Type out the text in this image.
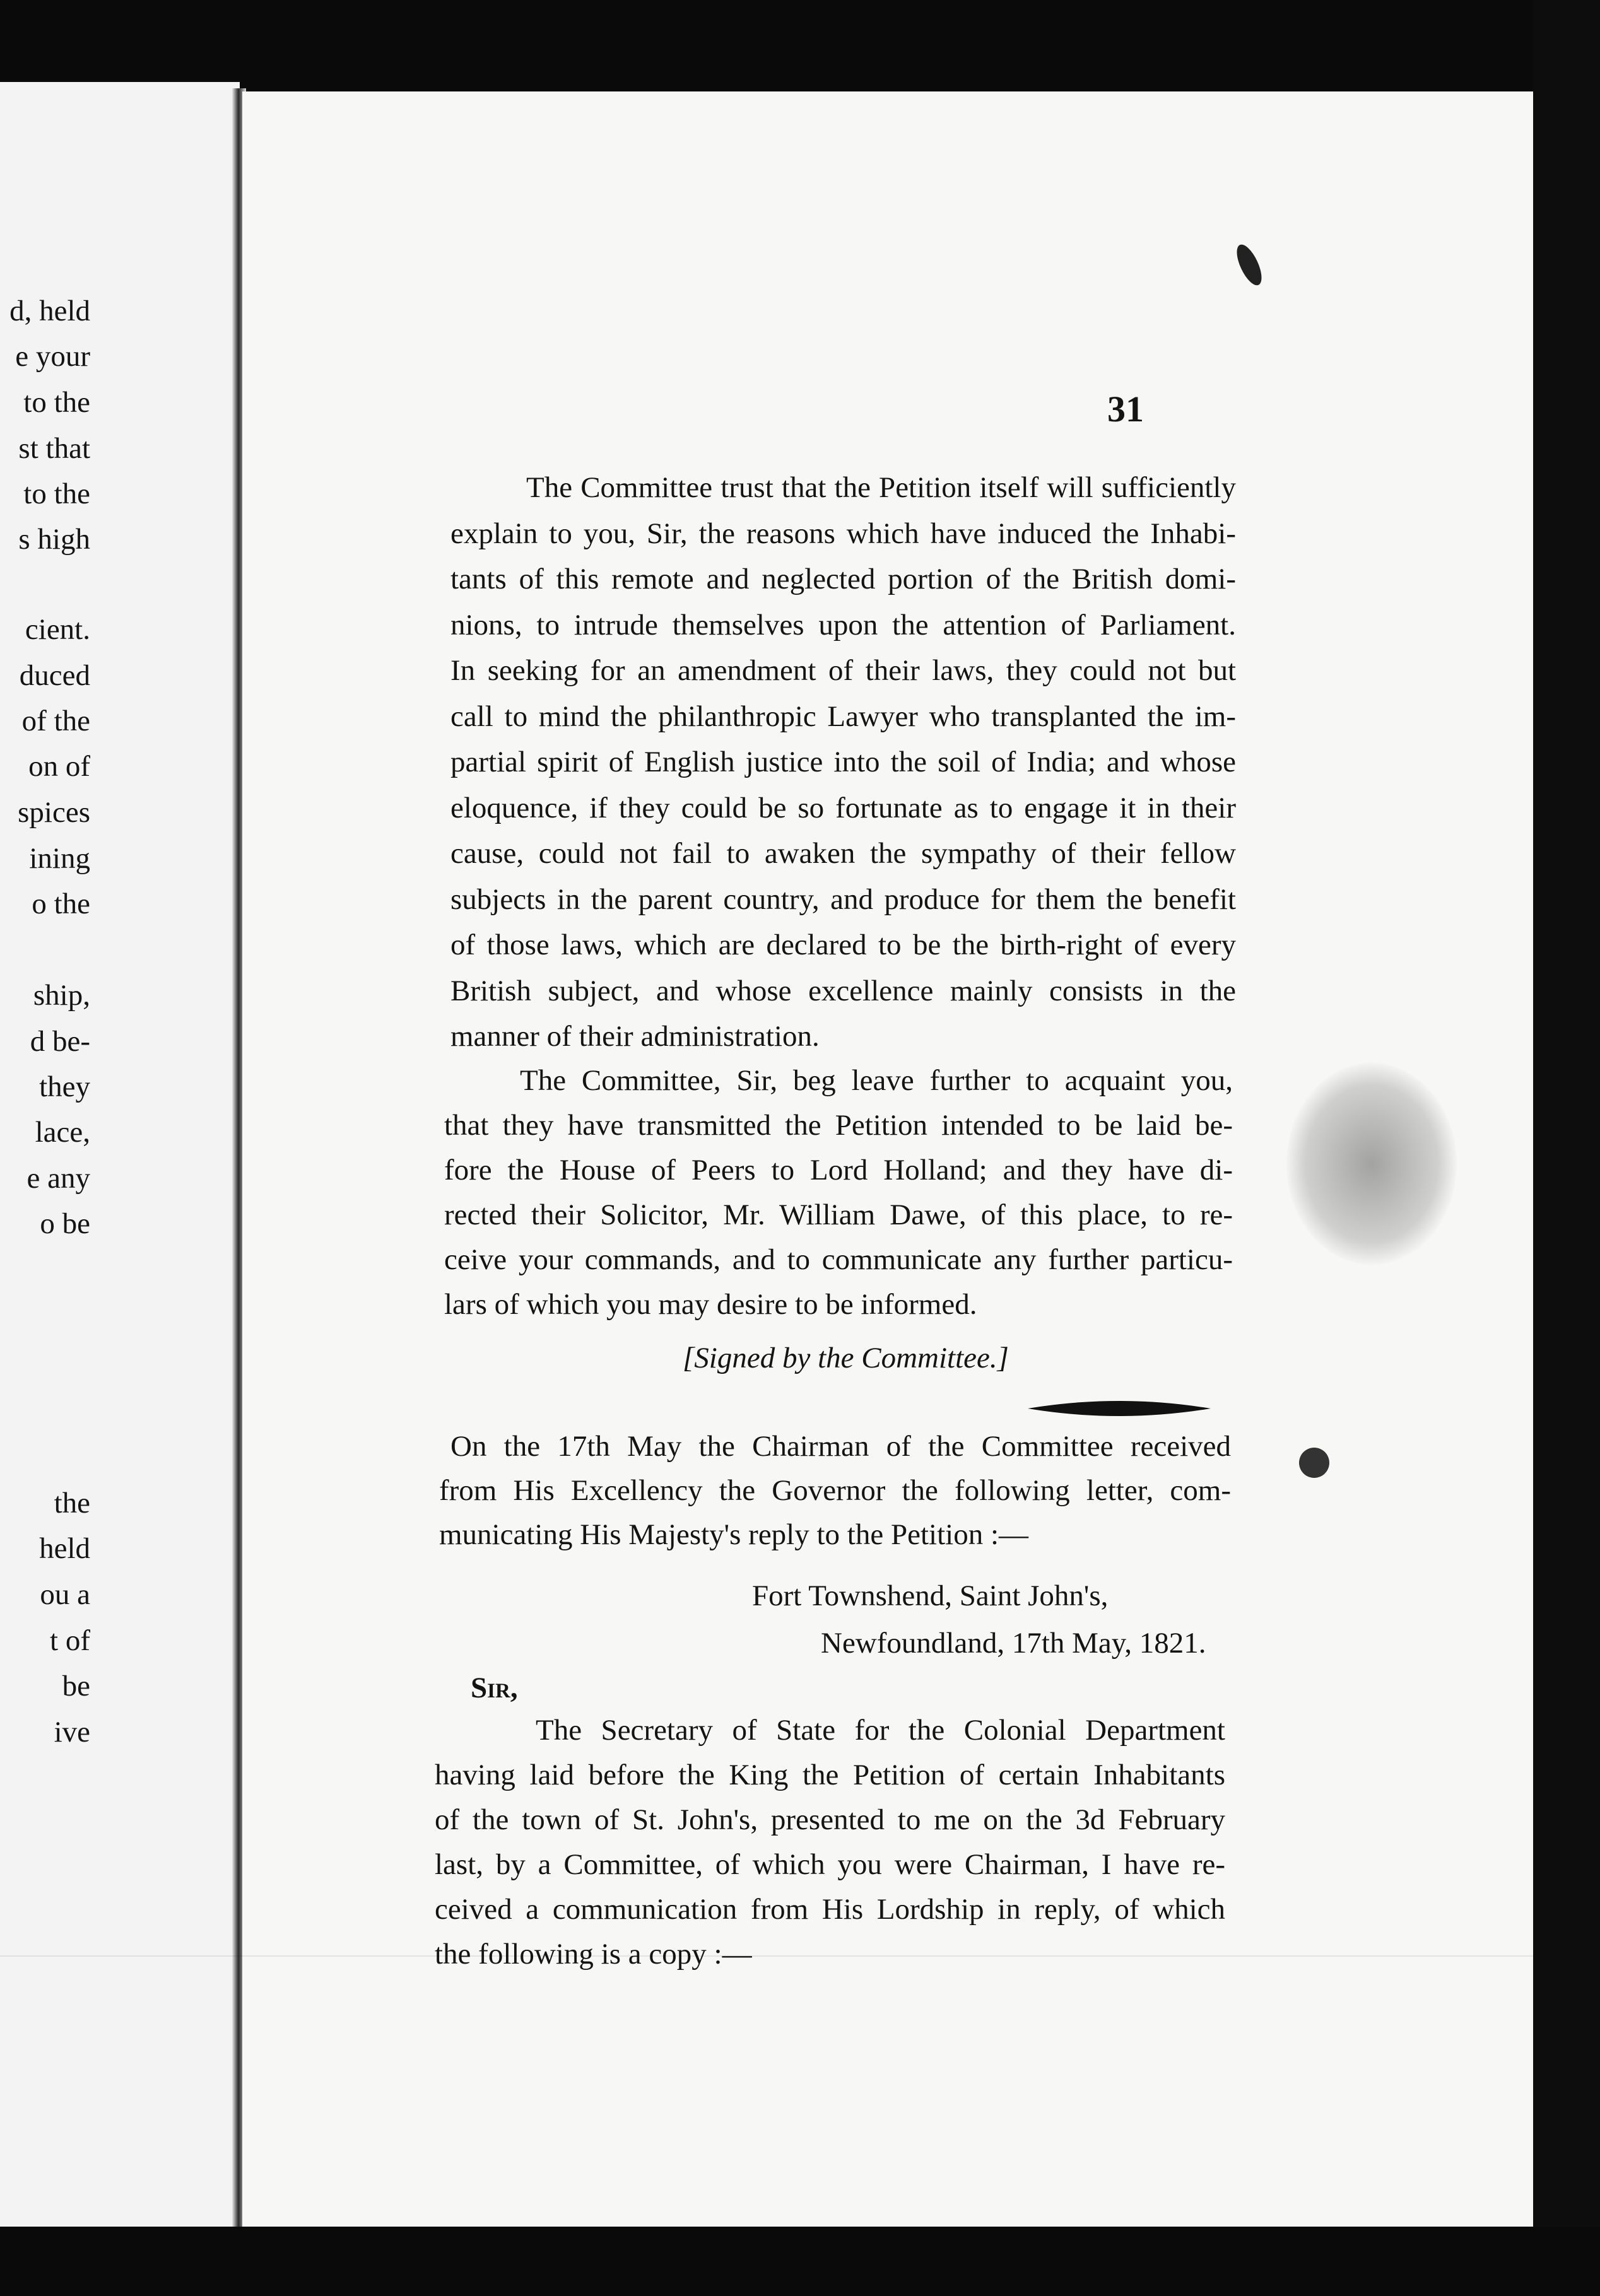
d, held

e your

to the

st that

to the

s high

cient.

duced

of the

on of

spices

ining

o the

ship,

d be-

they

lace,

e any

o be

the

held

ou a

t of

be

ive

31

The Committee trust that the Petition itself will sufficiently

explain to you, Sir, the reasons which have induced the Inhabi-

tants of this remote and neglected portion of the British domi-

nions, to intrude themselves upon the attention of Parliament.

In seeking for an amendment of their laws, they could not but

call to mind the philanthropic Lawyer who transplanted the im-

partial spirit of English justice into the soil of India; and whose

eloquence, if they could be so fortunate as to engage it in their

cause, could not fail to awaken the sympathy of their fellow

subjects in the parent country, and produce for them the benefit

of those laws, which are declared to be the birth-right of every

British subject, and whose excellence mainly consists in the

manner of their administration.

The Committee, Sir, beg leave further to acquaint you,

that they have transmitted the Petition intended to be laid be-

fore the House of Peers to Lord Holland; and they have di-

rected their Solicitor, Mr. William Dawe, of this place, to re-

ceive your commands, and to communicate any further particu-

lars of which you may desire to be informed.

[Signed by the Committee.]

On the 17th May the Chairman of the Committee received

from His Excellency the Governor the following letter, com-

municating His Majesty's reply to the Petition :—

Fort Townshend, Saint John's,

Newfoundland, 17th May, 1821.

Sir,

The Secretary of State for the Colonial Department

having laid before the King the Petition of certain Inhabitants

of the town of St. John's, presented to me on the 3d February

last, by a Committee, of which you were Chairman, I have re-

ceived a communication from His Lordship in reply, of which

the following is a copy :—
